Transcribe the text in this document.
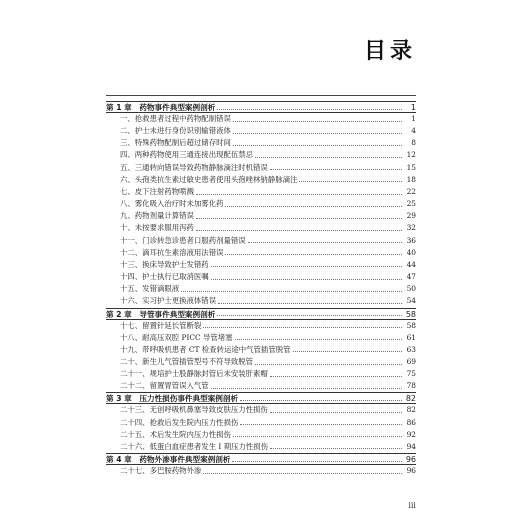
目录
第 1 章　药物事件典型案例剖析	1
一、抢救患者过程中药物配制错误	1
二、护士未进行身份识别输错液体	4
三、特殊药物配制后超过储存时间	8
四、两种药物使用三通连接出现配伍禁忌	12
五、三通转向错误导致药物静脉滴注时机错误	15
六、头孢类抗生素过敏史患者使用头孢唑林钠静脉滴注	18
七、皮下注射药物喷溅	22
八、雾化吸入治疗时未加雾化药	25
九、药物剂量计算错误	29
十、未按要求服用泻药	32
十一、门诊转急诊患者口服药剂量错误	36
十二、滴耳抗生素溶液用法错误	40
十三、换床导致护士发错药	44
十四、护士执行已取消医嘱	47
十五、发错滴眼液	50
十六、实习护士更换液体错误	54
第 2 章　导管事件典型案例剖析	58
十七、留置针延长管断裂	58
十八、耐高压双腔 PICC 导管堵塞	61
十九、带呼吸机患者 CT 检查转运途中气管插管脱管	63
二十、新生儿气管插管型号不符导致脱管	69
二十一、规培护士股静脉封管后未安装肝素帽	75
二十二、留置胃管误入气管	78
第 3 章　压力性损伤事件典型案例剖析	82
二十三、无创呼吸机鼻塞导致皮肤压力性损伤	82
二十四、抢救后发生院内压力性损伤	86
二十五、术后发生院内压力性损伤	92
二十六、低蛋白血症患者发生 I 期压力性损伤	94
第 4 章　药物外渗事件典型案例剖析	96
二十七、多巴胺药物外渗	96
iii
